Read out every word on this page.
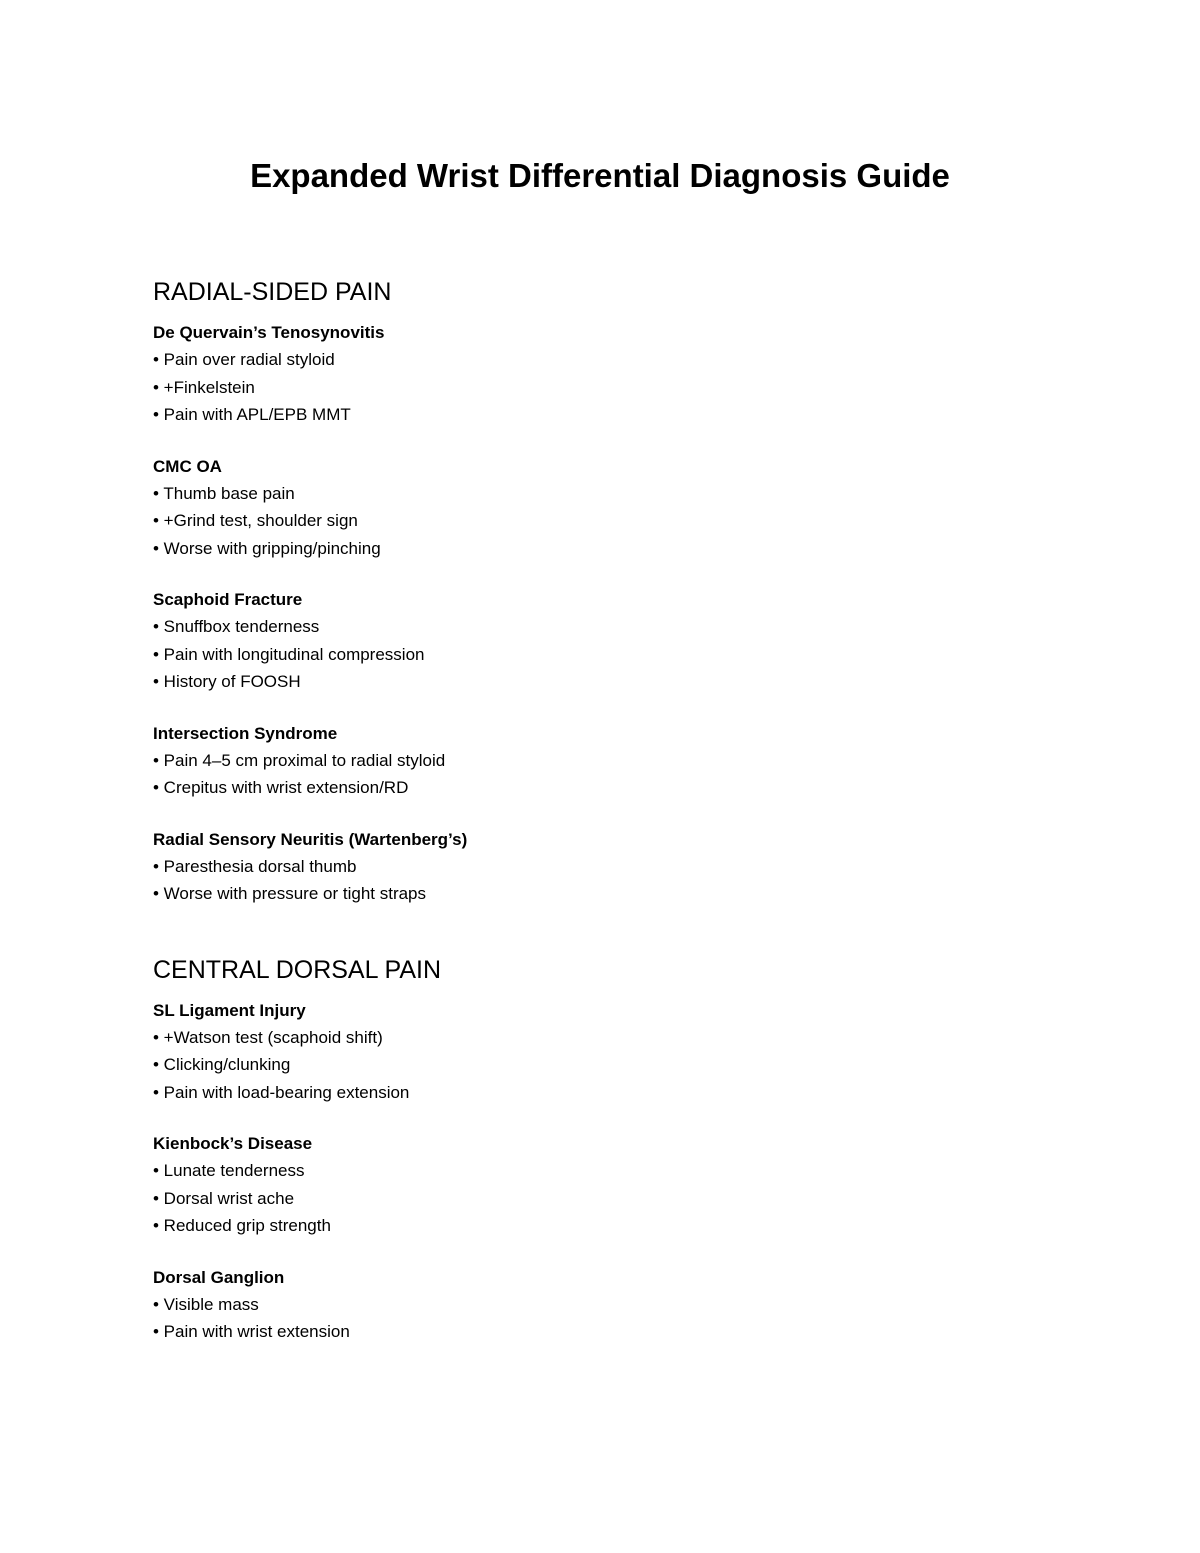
Expanded Wrist Differential Diagnosis Guide
RADIAL-SIDED PAIN

De Quervain’s Tenosynovitis

• Pain over radial styloid
• +Finkelstein
• Pain with APL/EPB MMT

CMC OA

• Thumb base pain
• +Grind test, shoulder sign
• Worse with gripping/pinching

Scaphoid Fracture

• Snuffbox tenderness
• Pain with longitudinal compression
• History of FOOSH

Intersection Syndrome

• Pain 4–5 cm proximal to radial styloid
• Crepitus with wrist extension/RD

Radial Sensory Neuritis (Wartenberg’s)

• Paresthesia dorsal thumb
• Worse with pressure or tight straps
CENTRAL DORSAL PAIN

SL Ligament Injury

• +Watson test (scaphoid shift)
• Clicking/clunking
• Pain with load-bearing extension

Kienbock’s Disease

• Lunate tenderness
• Dorsal wrist ache
• Reduced grip strength

Dorsal Ganglion

• Visible mass
• Pain with wrist extension
